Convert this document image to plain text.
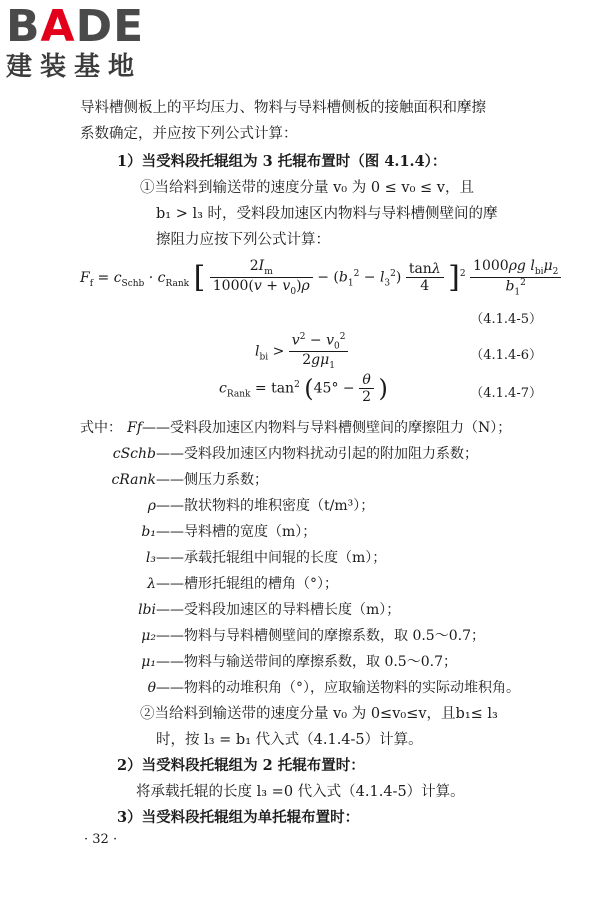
BADE
建装基地
导料槽侧板上的平均压力、物料与导料槽侧板的接触面积和摩擦
系数确定，并应按下列公式计算：
1）当受料段托辊组为 3 托辊布置时（图 4.1.4）：
①当给料到输送带的速度分量 v₀ 为 0 ≤ v₀ ≤ v，且
b₁ > l₃ 时，受料段加速区内物料与导料槽侧壁间的摩
擦阻力应按下列公式计算：
$F_f = c_{Schb} \cdot c_{Rank}$ [ $\frac{2I_m}{1000(v + v_0)\rho} - (b_1^2 - l_3^2) \frac{\tan\lambda}{4} ]^2 \frac{1000\rho g l_{bi}\mu_2}{b_1^2}$
（4.1.4-5）
$l_{bi} > \frac{v^2 - v_0^2}{2g\mu_1}$	（4.1.4-6）
$c_{Rank} = \tan^2 (45^\circ - \frac{\theta}{2}$ )	（4.1.4-7）
式中： Ff——受料段加速区内物料与导料槽侧壁间的摩擦阻力（N）；
cSchb——受料段加速区内物料扰动引起的附加阻力系数；
cRank——侧压力系数；
ρ——散状物料的堆积密度（t/m³）；
b₁——导料槽的宽度（m）；
l₃——承载托辊组中间辊的长度（m）；
λ——槽形托辊组的槽角（°）；
lbi——受料段加速区的导料槽长度（m）；
μ₂——物料与导料槽侧壁间的摩擦系数，取 0.5～0.7；
μ₁——物料与输送带间的摩擦系数，取 0.5～0.7；
θ——物料的动堆积角（°），应取输送物料的实际动堆积角。
②当给料到输送带的速度分量 v₀ 为 0≤v₀≤v，且b₁≤ l₃
时，按 l₃ = b₁ 代入式（4.1.4-5）计算。
2）当受料段托辊组为 2 托辊布置时：
将承载托辊的长度 l₃ =0 代入式（4.1.4-5）计算。
3）当受料段托辊组为单托辊布置时：
· 32 ·
